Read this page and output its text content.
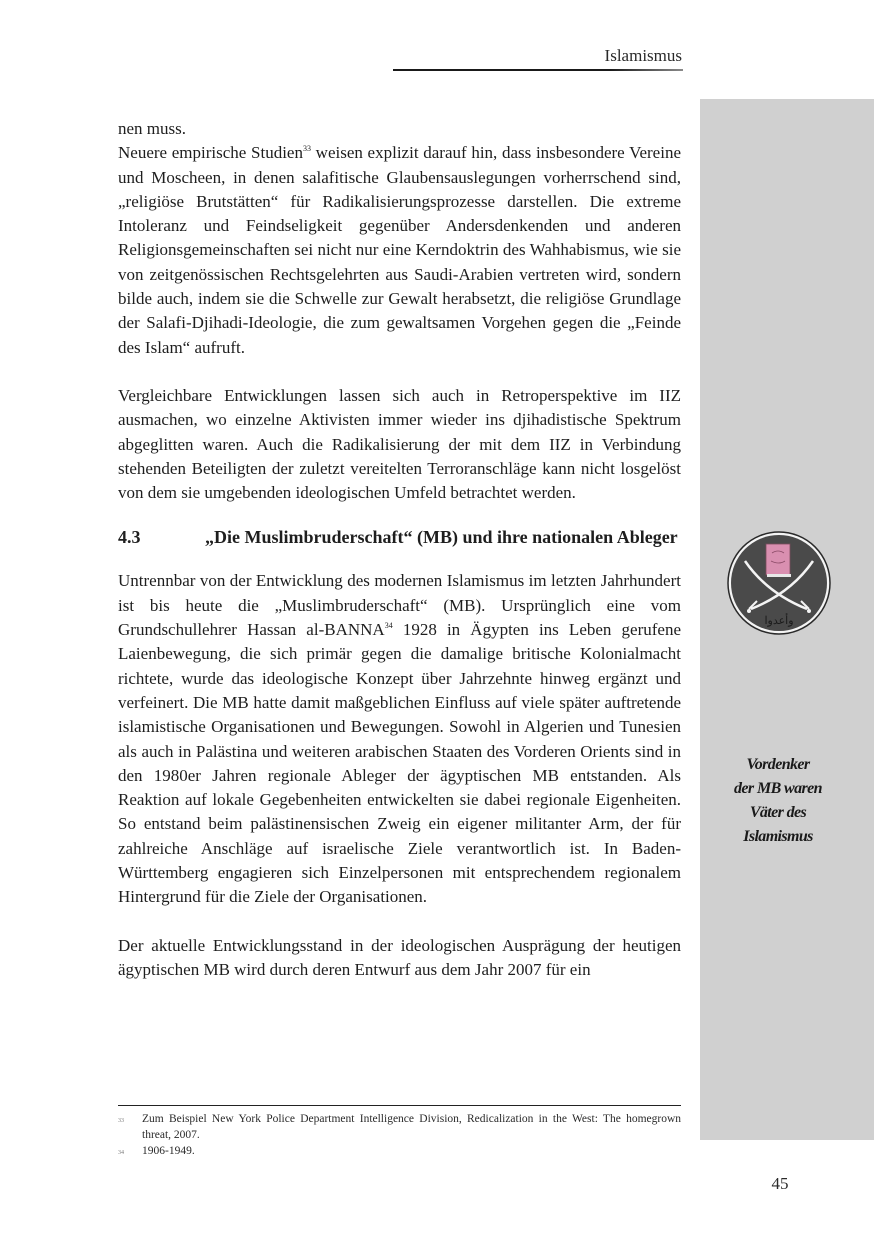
Islamismus

nen muss.

Neuere empirische Studien$^{33}$ weisen explizit darauf hin, dass insbesondere Vereine und Moscheen, in denen salafitische Glaubensauslegungen vorherrschend sind, „religiöse Brutstätten“ für Radikalisierungsprozesse darstellen. Die extreme Intoleranz und Feindseligkeit gegenüber Andersdenkenden und anderen Religionsgemeinschaften sei nicht nur eine Kerndoktrin des Wahhabismus, wie sie von zeitgenössischen Rechtsgelehrten aus Saudi-Arabien vertreten wird, sondern bilde auch, indem sie die Schwelle zur Gewalt herabsetzt, die religiöse Grundlage der Salafi-Djihadi-Ideologie, die zum gewaltsamen Vorgehen gegen die „Feinde des Islam“ aufruft.

Vergleichbare Entwicklungen lassen sich auch in Retroperspektive im IIZ ausmachen, wo einzelne Aktivisten immer wieder ins djihadistische Spektrum abgeglitten waren. Auch die Radikalisierung der mit dem IIZ in Verbindung stehenden Beteiligten der zuletzt vereitelten Terroranschläge kann nicht losgelöst von dem sie umgebenden ideologischen Umfeld betrachtet werden.

4.3	„Die Muslimbruderschaft“ (MB) und ihre nationalen Ableger

Untrennbar von der Entwicklung des modernen Islamismus im letzten Jahrhundert ist bis heute die „Muslimbruderschaft“ (MB). Ursprünglich eine vom Grundschullehrer Hassan al-BANNA$^{34}$ 1928 in Ägypten ins Leben gerufene Laienbewegung, die sich primär gegen die damalige britische Kolonialmacht richtete, wurde das ideologische Konzept über Jahrzehnte hinweg ergänzt und verfeinert. Die MB hatte damit maßgeblichen Einfluss auf viele später auftretende islamistische Organisationen und Bewegungen. Sowohl in Algerien und Tunesien als auch in Palästina und weiteren arabischen Staaten des Vorderen Orients sind in den 1980er Jahren regionale Ableger der ägyptischen MB entstanden. Als Reaktion auf lokale Gegebenheiten entwickelten sie dabei regionale Eigenheiten. So entstand beim palästinensischen Zweig ein eigener militanter Arm, der für zahlreiche Anschläge auf israelische Ziele verantwortlich ist. In Baden-Württemberg engagieren sich Einzelpersonen mit entsprechendem regionalem Hintergrund für die Ziele der Organisationen.

Der aktuelle Entwicklungsstand in der ideologischen Ausprägung der heutigen ägyptischen MB wird durch deren Entwurf aus dem Jahr 2007 für ein

33	Zum Beispiel New York Police Department Intelligence Division, Redicalization in the West: The homegrown threat, 2007.
34	1906-1949.
وأعدوا
Vordenker
der MB waren
Väter des
Islamismus
45
